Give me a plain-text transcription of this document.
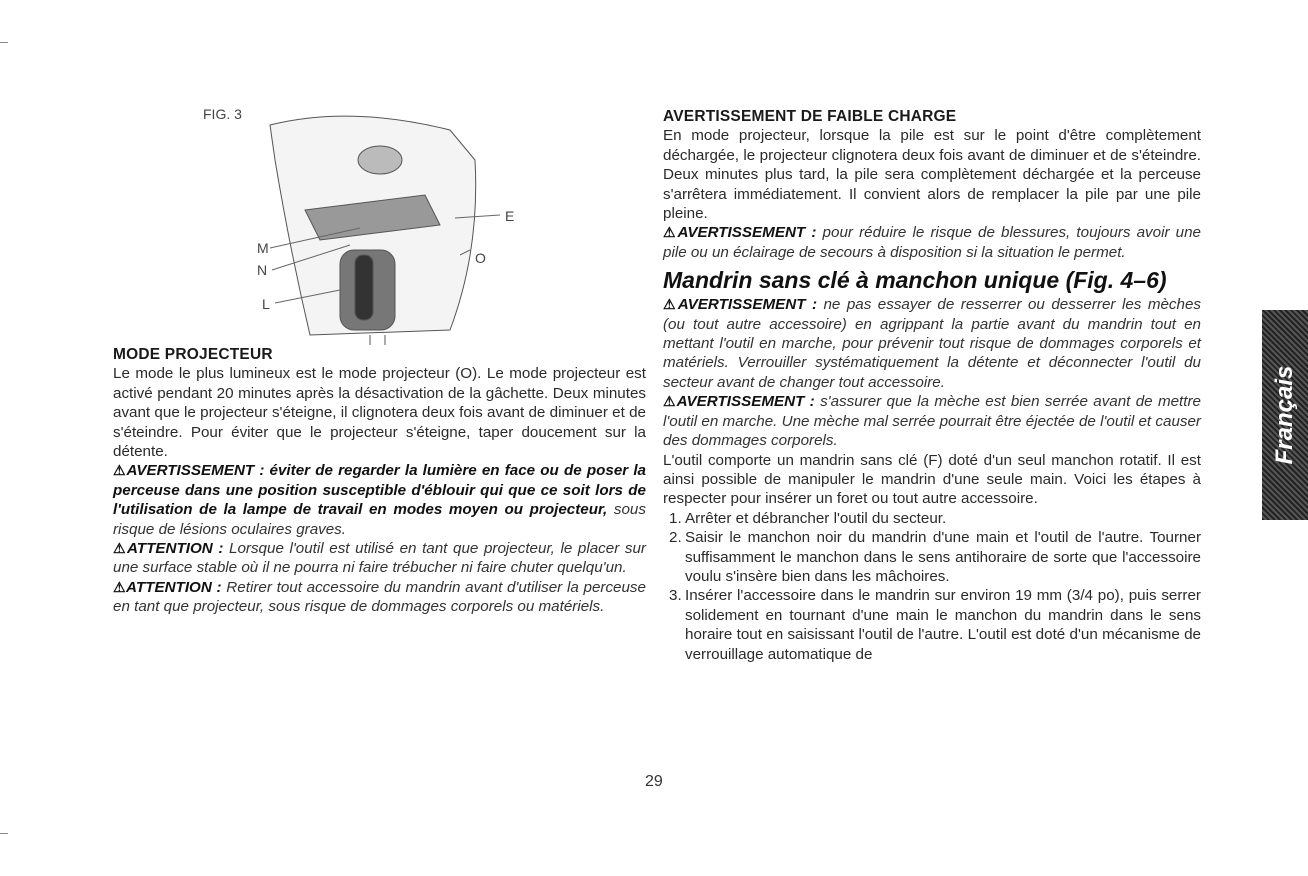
FIG. 3
E
M
N
O
L
MODE PROJECTEUR

Le mode le plus lumineux est le mode projecteur (O). Le mode projecteur est activé pendant 20 minutes après la désactivation de la gâchette. Deux minutes avant que le projecteur s'éteigne, il clignotera deux fois avant de diminuer et de s'éteindre. Pour éviter que le projecteur s'éteigne, taper doucement sur la détente.

⚠AVERTISSEMENT : éviter de regarder la lumière en face ou de poser la perceuse dans une position susceptible d'éblouir qui que ce soit lors de l'utilisation de la lampe de travail en modes moyen ou projecteur, sous risque de lésions oculaires graves.

⚠ATTENTION : Lorsque l'outil est utilisé en tant que projecteur, le placer sur une surface stable où il ne pourra ni faire trébucher ni faire chuter quelqu'un.

⚠ATTENTION : Retirer tout accessoire du mandrin avant d'utiliser la perceuse en tant que projecteur, sous risque de dommages corporels ou matériels.

AVERTISSEMENT DE FAIBLE CHARGE

En mode projecteur, lorsque la pile est sur le point d'être complètement déchargée, le projecteur clignotera deux fois avant de diminuer et de s'éteindre. Deux minutes plus tard, la pile sera complètement déchargée et la perceuse s'arrêtera immédiatement. Il convient alors de remplacer la pile par une pile pleine.

⚠AVERTISSEMENT : pour réduire le risque de blessures, toujours avoir une pile ou un éclairage de secours à disposition si la situation le permet.

Mandrin sans clé à manchon unique (Fig. 4–6)

⚠AVERTISSEMENT : ne pas essayer de resserrer ou desserrer les mèches (ou tout autre accessoire) en agrippant la partie avant du mandrin tout en mettant l'outil en marche, pour prévenir tout risque de dommages corporels et matériels. Verrouiller systématiquement la détente et déconnecter l'outil du secteur avant de changer tout accessoire.

⚠AVERTISSEMENT : s'assurer que la mèche est bien serrée avant de mettre l'outil en marche. Une mèche mal serrée pourrait être éjectée de l'outil et causer des dommages corporels.

L'outil comporte un mandrin sans clé (F) doté d'un seul manchon rotatif. Il est ainsi possible de manipuler le mandrin d'une seule main. Voici les étapes à respecter pour insérer un foret ou tout autre accessoire.

1. Arrêter et débrancher l'outil du secteur.
2. Saisir le manchon noir du mandrin d'une main et l'outil de l'autre. Tourner suffisamment le manchon dans le sens antihoraire de sorte que l'accessoire voulu s'insère bien dans les mâchoires.
3. Insérer l'accessoire dans le mandrin sur environ 19 mm (3/4 po), puis serrer solidement en tournant d'une main le manchon du mandrin dans le sens horaire tout en saisissant l'outil de l'autre. L'outil est doté d'un mécanisme de verrouillage automatique de
29
Français
